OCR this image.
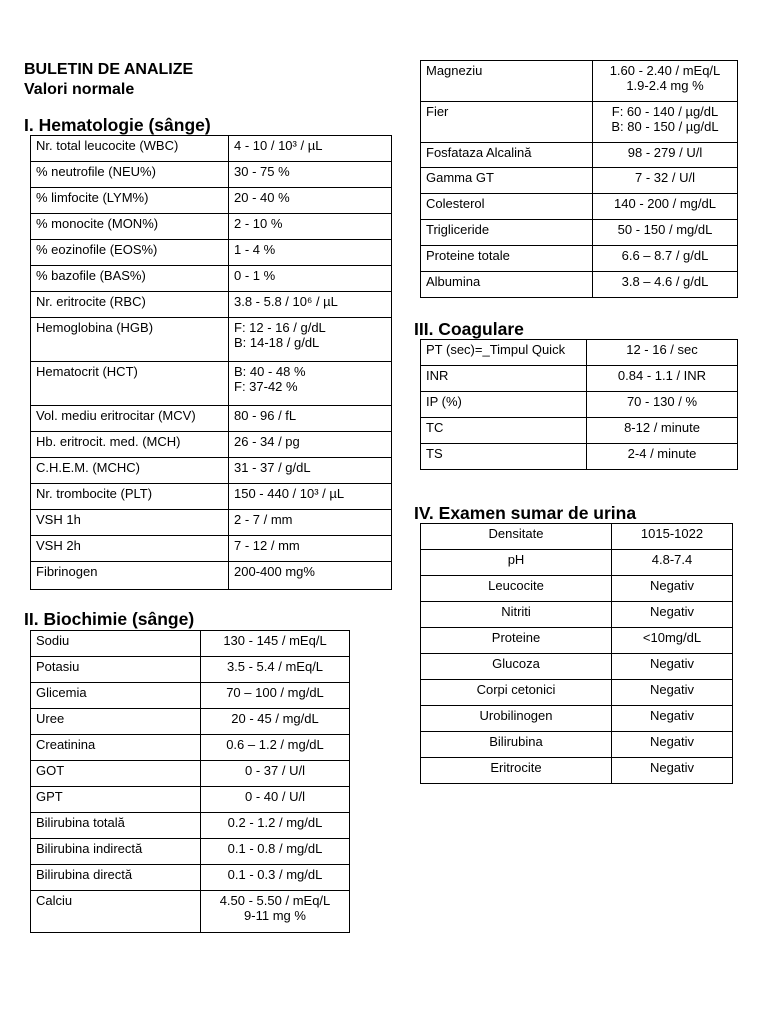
BULETIN DE ANALIZE
Valori normale
I. Hematologie (sânge)
Nr. total leucocite (WBC)	4 - 10 / 10³ / µL
% neutrofile (NEU%)	30 - 75 %
% limfocite (LYM%)	20 - 40 %
% monocite (MON%)	2 - 10 %
% eozinofile (EOS%)	1 - 4 %
% bazofile (BAS%)	0 - 1 %
Nr. eritrocite (RBC)	3.8 - 5.8 / 10⁶ / µL
Hemoglobina (HGB)	F: 12 - 16 / g/dL
B: 14-18 / g/dL
Hematocrit (HCT)	B: 40 - 48 %
F: 37-42 %
Vol. mediu eritrocitar (MCV)	80 - 96 / fL
Hb. eritrocit. med. (MCH)	26 - 34 / pg
C.H.E.M. (MCHC)	31 - 37 / g/dL
Nr. trombocite (PLT)	150 - 440 / 10³ / µL
VSH 1h	2 - 7 / mm
VSH 2h	7 - 12 / mm
Fibrinogen	200-400 mg%
II. Biochimie (sânge)
Sodiu	130 - 145 / mEq/L
Potasiu	3.5 - 5.4 / mEq/L
Glicemia	70 – 100 / mg/dL
Uree	20 - 45 / mg/dL
Creatinina	0.6 – 1.2 / mg/dL
GOT	0 - 37 / U/l
GPT	0 - 40 / U/l
Bilirubina totală	0.2 - 1.2 / mg/dL
Bilirubina indirectă	0.1 - 0.8 / mg/dL
Bilirubina directă	0.1 - 0.3 / mg/dL
Calciu	4.50 - 5.50 / mEq/L
9-11 mg %
Magneziu	1.60 - 2.40 / mEq/L
1.9-2.4 mg %
Fier	F: 60 - 140 / µg/dL
B: 80 - 150 / µg/dL
Fosfataza Alcalină	98 - 279 / U/l
Gamma GT	7 - 32 / U/l
Colesterol	140 - 200 / mg/dL
Trigliceride	50 - 150 / mg/dL
Proteine totale	6.6 – 8.7 / g/dL
Albumina	3.8 – 4.6 / g/dL
III. Coagulare
PT (sec)=_Timpul Quick	12 - 16 / sec
INR	0.84 - 1.1 / INR
IP (%)	70 - 130 / %
TC	8-12 / minute
TS	2-4 / minute
IV. Examen sumar de urina
Densitate	1015-1022
pH	4.8-7.4
Leucocite	Negativ
Nitriti	Negativ
Proteine	<10mg/dL
Glucoza	Negativ
Corpi cetonici	Negativ
Urobilinogen	Negativ
Bilirubina	Negativ
Eritrocite	Negativ
